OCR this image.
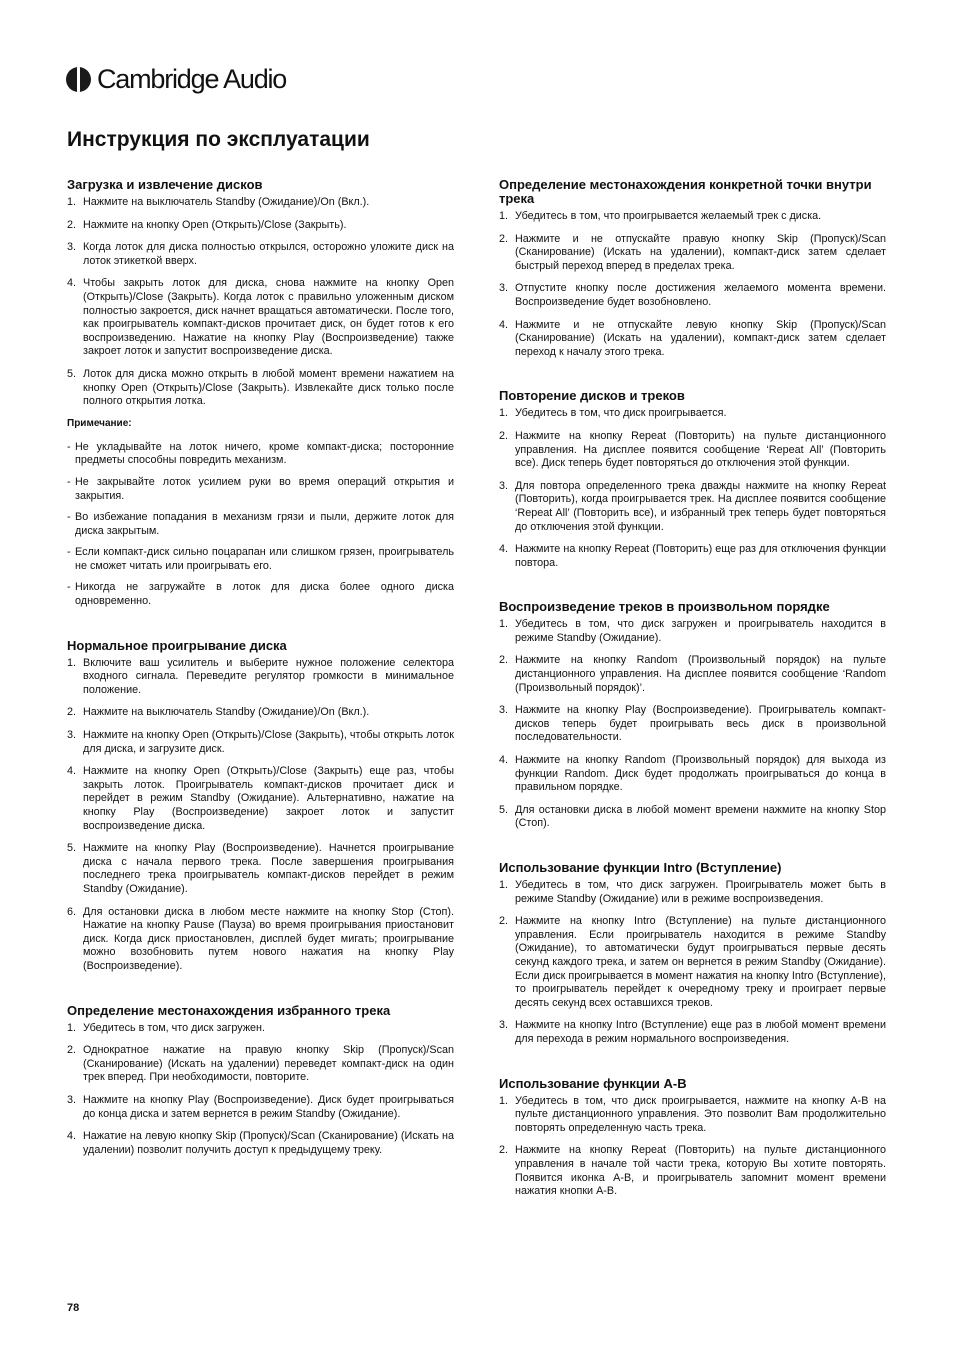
Cambridge Audio
Инструкция по эксплуатации
Загрузка и извлечение дисков
1. Нажмите на выключатель Standby (Ожидание)/On (Вкл.).
2. Нажмите на кнопку Open (Открыть)/Close (Закрыть).
3. Когда лоток для диска полностью открылся, осторожно уложите диск на лоток этикеткой вверх.
4. Чтобы закрыть лоток для диска, снова нажмите на кнопку Open (Открыть)/Close (Закрыть). Когда лоток с правильно уложенным диском полностью закроется, диск начнет вращаться автоматически. После того, как проигрыватель компакт-дисков прочитает диск, он будет готов к его воспроизведению. Нажатие на кнопку Play (Воспроизведение) также закроет лоток и запустит воспроизведение диска.
5. Лоток для диска можно открыть в любой момент времени нажатием на кнопку Open (Открыть)/Close (Закрыть). Извлекайте диск только после полного открытия лотка.
Примечание:
- Не укладывайте на лоток ничего, кроме компакт-диска; посторонние предметы способны повредить механизм.
- Не закрывайте лоток усилием руки во время операций открытия и закрытия.
- Во избежание попадания в механизм грязи и пыли, держите лоток для диска закрытым.
- Если компакт-диск сильно поцарапан или слишком грязен, проигрыватель не сможет читать или проигрывать его.
- Никогда не загружайте в лоток для диска более одного диска одновременно.
Нормальное проигрывание диска
1. Включите ваш усилитель и выберите нужное положение селектора входного сигнала. Переведите регулятор громкости в минимальное положение.
2. Нажмите на выключатель Standby (Ожидание)/On (Вкл.).
3. Нажмите на кнопку Open (Открыть)/Close (Закрыть), чтобы открыть лоток для диска, и загрузите диск.
4. Нажмите на кнопку Open (Открыть)/Close (Закрыть) еще раз, чтобы закрыть лоток. Проигрыватель компакт-дисков прочитает диск и перейдет в режим Standby (Ожидание). Альтернативно, нажатие на кнопку Play (Воспроизведение) закроет лоток и запустит воспроизведение диска.
5. Нажмите на кнопку Play (Воспроизведение). Начнется проигрывание диска с начала первого трека. После завершения проигрывания последнего трека проигрыватель компакт-дисков перейдет в режим Standby (Ожидание).
6. Для остановки диска в любом месте нажмите на кнопку Stop (Стоп). Нажатие на кнопку Pause (Пауза) во время проигрывания приостановит диск. Когда диск приостановлен, дисплей будет мигать; проигрывание можно возобновить путем нового нажатия на кнопку Play (Воспроизведение).
Определение местонахождения избранного трека
1. Убедитесь в том, что диск загружен.
2. Однократное нажатие на правую кнопку Skip (Пропуск)/Scan (Сканирование) (Искать на удалении) переведет компакт-диск на один трек вперед. При необходимости, повторите.
3. Нажмите на кнопку Play (Воспроизведение). Диск будет проигрываться до конца диска и затем вернется в режим Standby (Ожидание).
4. Нажатие на левую кнопку Skip (Пропуск)/Scan (Сканирование) (Искать на удалении) позволит получить доступ к предыдущему треку.
Определение местонахождения конкретной точки внутри трека
1. Убедитесь в том, что проигрывается желаемый трек с диска.
2. Нажмите и не отпускайте правую кнопку Skip (Пропуск)/Scan (Сканирование) (Искать на удалении), компакт-диск затем сделает быстрый переход вперед в пределах трека.
3. Отпустите кнопку после достижения желаемого момента времени. Воспроизведение будет возобновлено.
4. Нажмите и не отпускайте левую кнопку Skip (Пропуск)/Scan (Сканирование) (Искать на удалении), компакт-диск затем сделает переход к началу этого трека.
Повторение дисков и треков
1. Убедитесь в том, что диск проигрывается.
2. Нажмите на кнопку Repeat (Повторить) на пульте дистанционного управления. На дисплее появится сообщение ‘Repeat All’ (Повторить все). Диск теперь будет повторяться до отключения этой функции.
3. Для повтора определенного трека дважды нажмите на кнопку Repeat (Повторить), когда проигрывается трек. На дисплее появится сообщение ‘Repeat All’ (Повторить все), и избранный трек теперь будет повторяться до отключения этой функции.
4. Нажмите на кнопку Repeat (Повторить) еще раз для отключения функции повтора.
Воспроизведение треков в произвольном порядке
1. Убедитесь в том, что диск загружен и проигрыватель находится в режиме Standby (Ожидание).
2. Нажмите на кнопку Random (Произвольный порядок) на пульте дистанционного управления. На дисплее появится сообщение ‘Random (Произвольный порядок)’.
3. Нажмите на кнопку Play (Воспроизведение). Проигрыватель компакт-дисков теперь будет проигрывать весь диск в произвольной последовательности.
4. Нажмите на кнопку Random (Произвольный порядок) для выхода из функции Random. Диск будет продолжать проигрываться до конца в правильном порядке.
5. Для остановки диска в любой момент времени нажмите на кнопку Stop (Стоп).
Использование функции Intro (Вступление)
1. Убедитесь в том, что диск загружен. Проигрыватель может быть в режиме Standby (Ожидание) или в режиме воспроизведения.
2. Нажмите на кнопку Intro (Вступление) на пульте дистанционного управления. Если проигрыватель находится в режиме Standby (Ожидание), то автоматически будут проигрываться первые десять секунд каждого трека, и затем он вернется в режим Standby (Ожидание). Если диск проигрывается в момент нажатия на кнопку Intro (Вступление), то проигрыватель перейдет к очередному треку и проиграет первые десять секунд всех оставшихся треков.
3. Нажмите на кнопку Intro (Вступление) еще раз в любой момент времени для перехода в режим нормального воспроизведения.
Использование функции A-B
1. Убедитесь в том, что диск проигрывается, нажмите на кнопку A-B на пульте дистанционного управления. Это позволит Вам продолжительно повторять определенную часть трека.
2. Нажмите на кнопку Repeat (Повторить) на пульте дистанционного управления в начале той части трека, которую Вы хотите повторять. Появится иконка A-B, и проигрыватель запомнит момент времени нажатия кнопки A-B.
78
